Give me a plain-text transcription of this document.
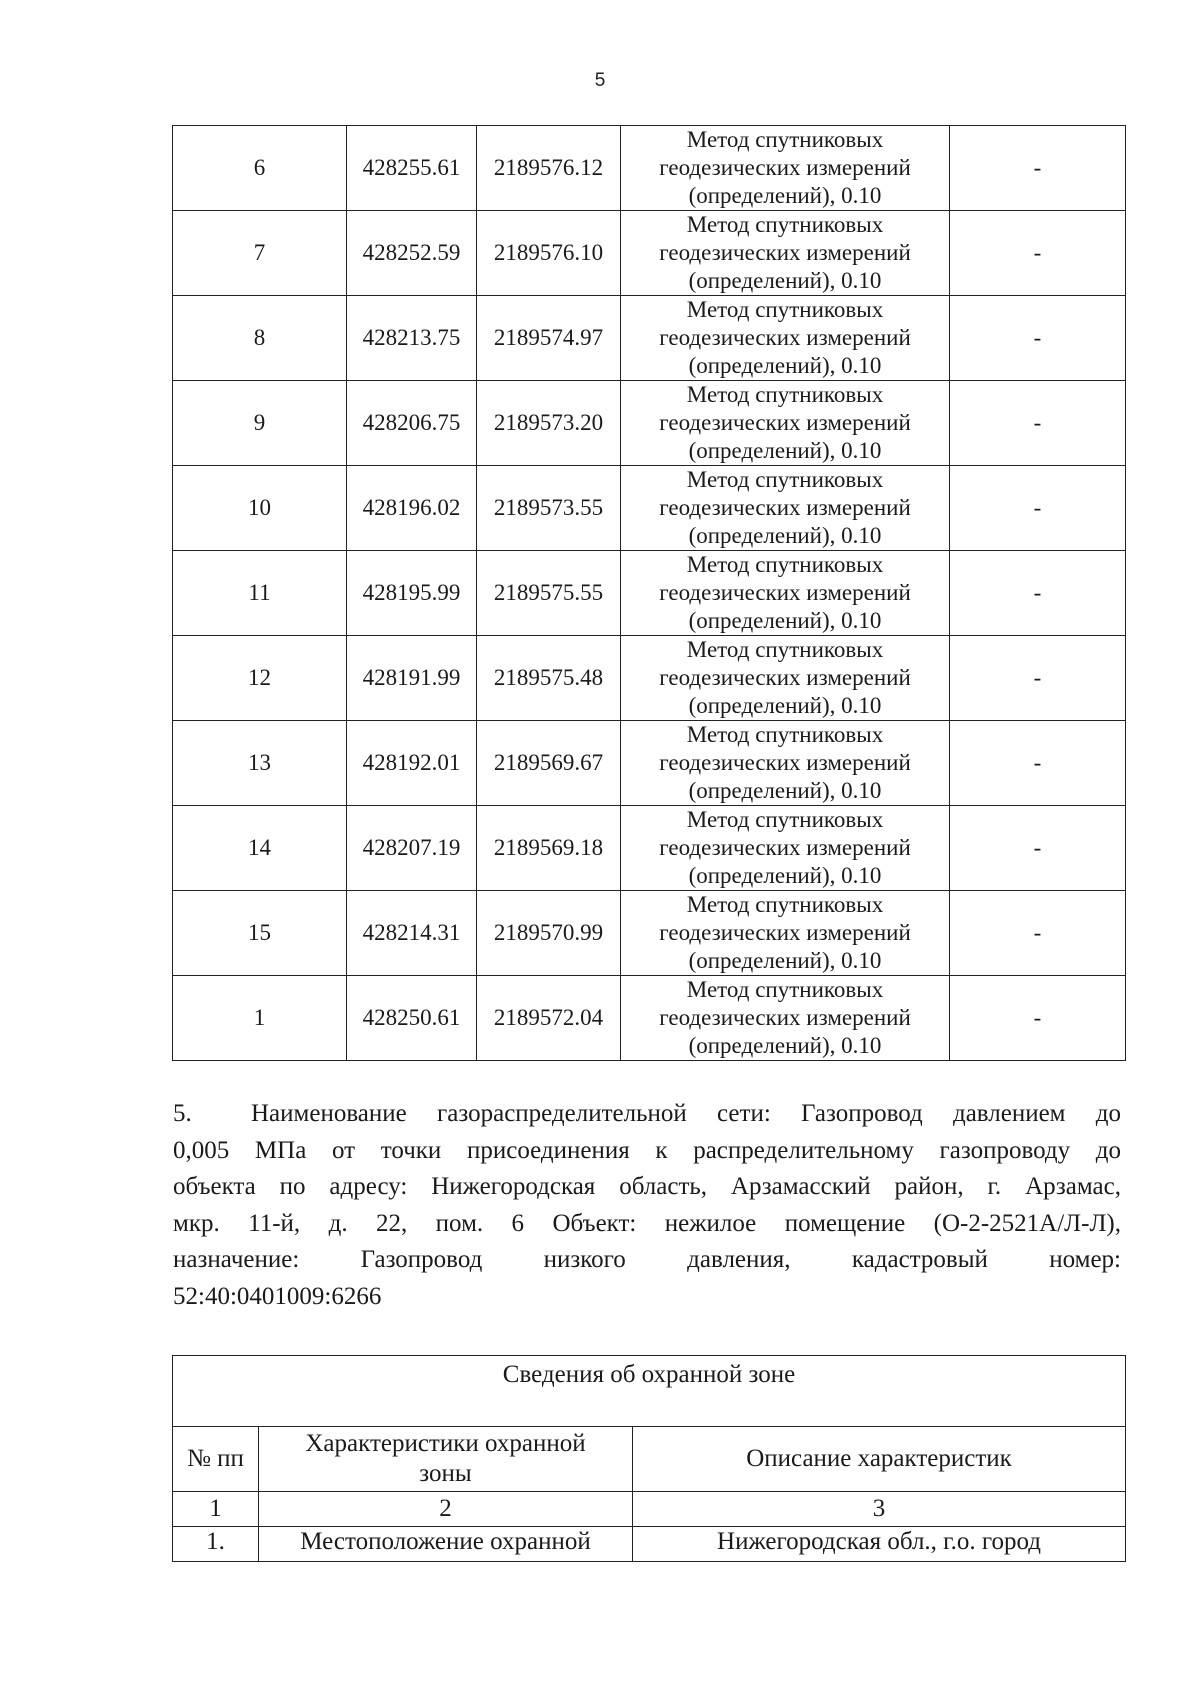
5
6	428255.61	2189576.12	Метод спутниковых
геодезических измерений
(определений), 0.10	-
7	428252.59	2189576.10	Метод спутниковых
геодезических измерений
(определений), 0.10	-
8	428213.75	2189574.97	Метод спутниковых
геодезических измерений
(определений), 0.10	-
9	428206.75	2189573.20	Метод спутниковых
геодезических измерений
(определений), 0.10	-
10	428196.02	2189573.55	Метод спутниковых
геодезических измерений
(определений), 0.10	-
11	428195.99	2189575.55	Метод спутниковых
геодезических измерений
(определений), 0.10	-
12	428191.99	2189575.48	Метод спутниковых
геодезических измерений
(определений), 0.10	-
13	428192.01	2189569.67	Метод спутниковых
геодезических измерений
(определений), 0.10	-
14	428207.19	2189569.18	Метод спутниковых
геодезических измерений
(определений), 0.10	-
15	428214.31	2189570.99	Метод спутниковых
геодезических измерений
(определений), 0.10	-
1	428250.61	2189572.04	Метод спутниковых
геодезических измерений
(определений), 0.10	-
5. Наименование газораспределительной сети: Газопровод давлением до
0,005 МПа от точки присоединения к распределительному газопроводу до
объекта по адресу: Нижегородская область, Арзамасский район, г. Арзамас,
мкр. 11-й, д. 22, пом. 6 Объект: нежилое помещение (О-2-2521А/Л-Л),
назначение: Газопровод низкого давления, кадастровый номер:
52:40:0401009:6266
Сведения об охранной зоне		
№ пп	Характеристики охранной
зоны	Описание характеристик
1	2	3
1.	Местоположение охранной	Нижегородская обл., г.о. город
